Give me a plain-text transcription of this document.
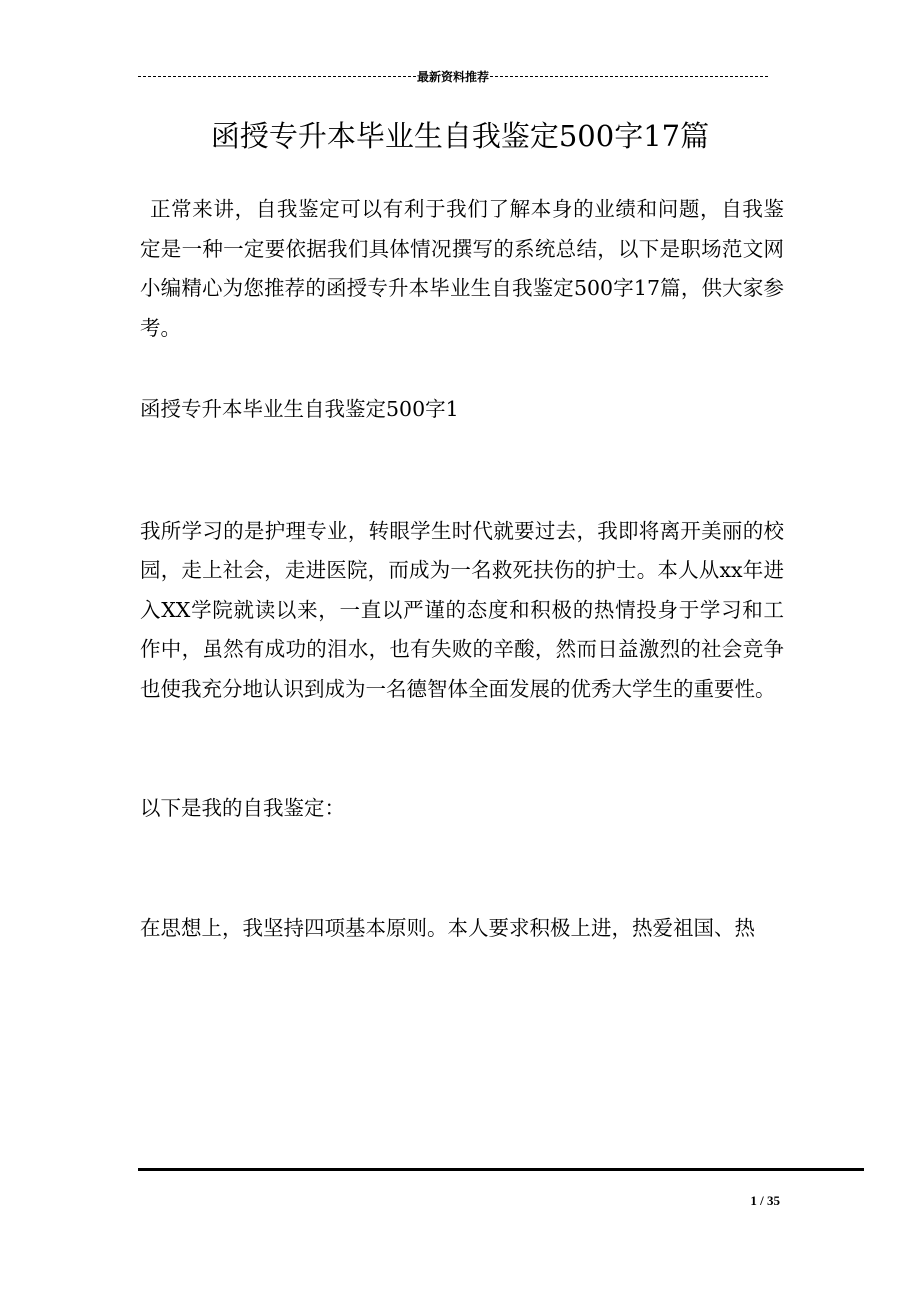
最新资料推荐
函授专升本毕业生自我鉴定500字17篇

正常来讲，自我鉴定可以有利于我们了解本身的业绩和问题，自我鉴定是一种一定要依据我们具体情况撰写的系统总结，以下是职场范文网小编精心为您推荐的函授专升本毕业生自我鉴定500字17篇，供大家参考。

函授专升本毕业生自我鉴定500字1

我所学习的是护理专业，转眼学生时代就要过去，我即将离开美丽的校园，走上社会，走进医院，而成为一名救死扶伤的护士。本人从xx年进入XX学院就读以来，一直以严谨的态度和积极的热情投身于学习和工作中，虽然有成功的泪水，也有失败的辛酸，然而日益激烈的社会竞争也使我充分地认识到成为一名德智体全面发展的优秀大学生的重要性。

以下是我的自我鉴定：

在思想上，我坚持四项基本原则。本人要求积极上进，热爱祖国、热

1 / 35
